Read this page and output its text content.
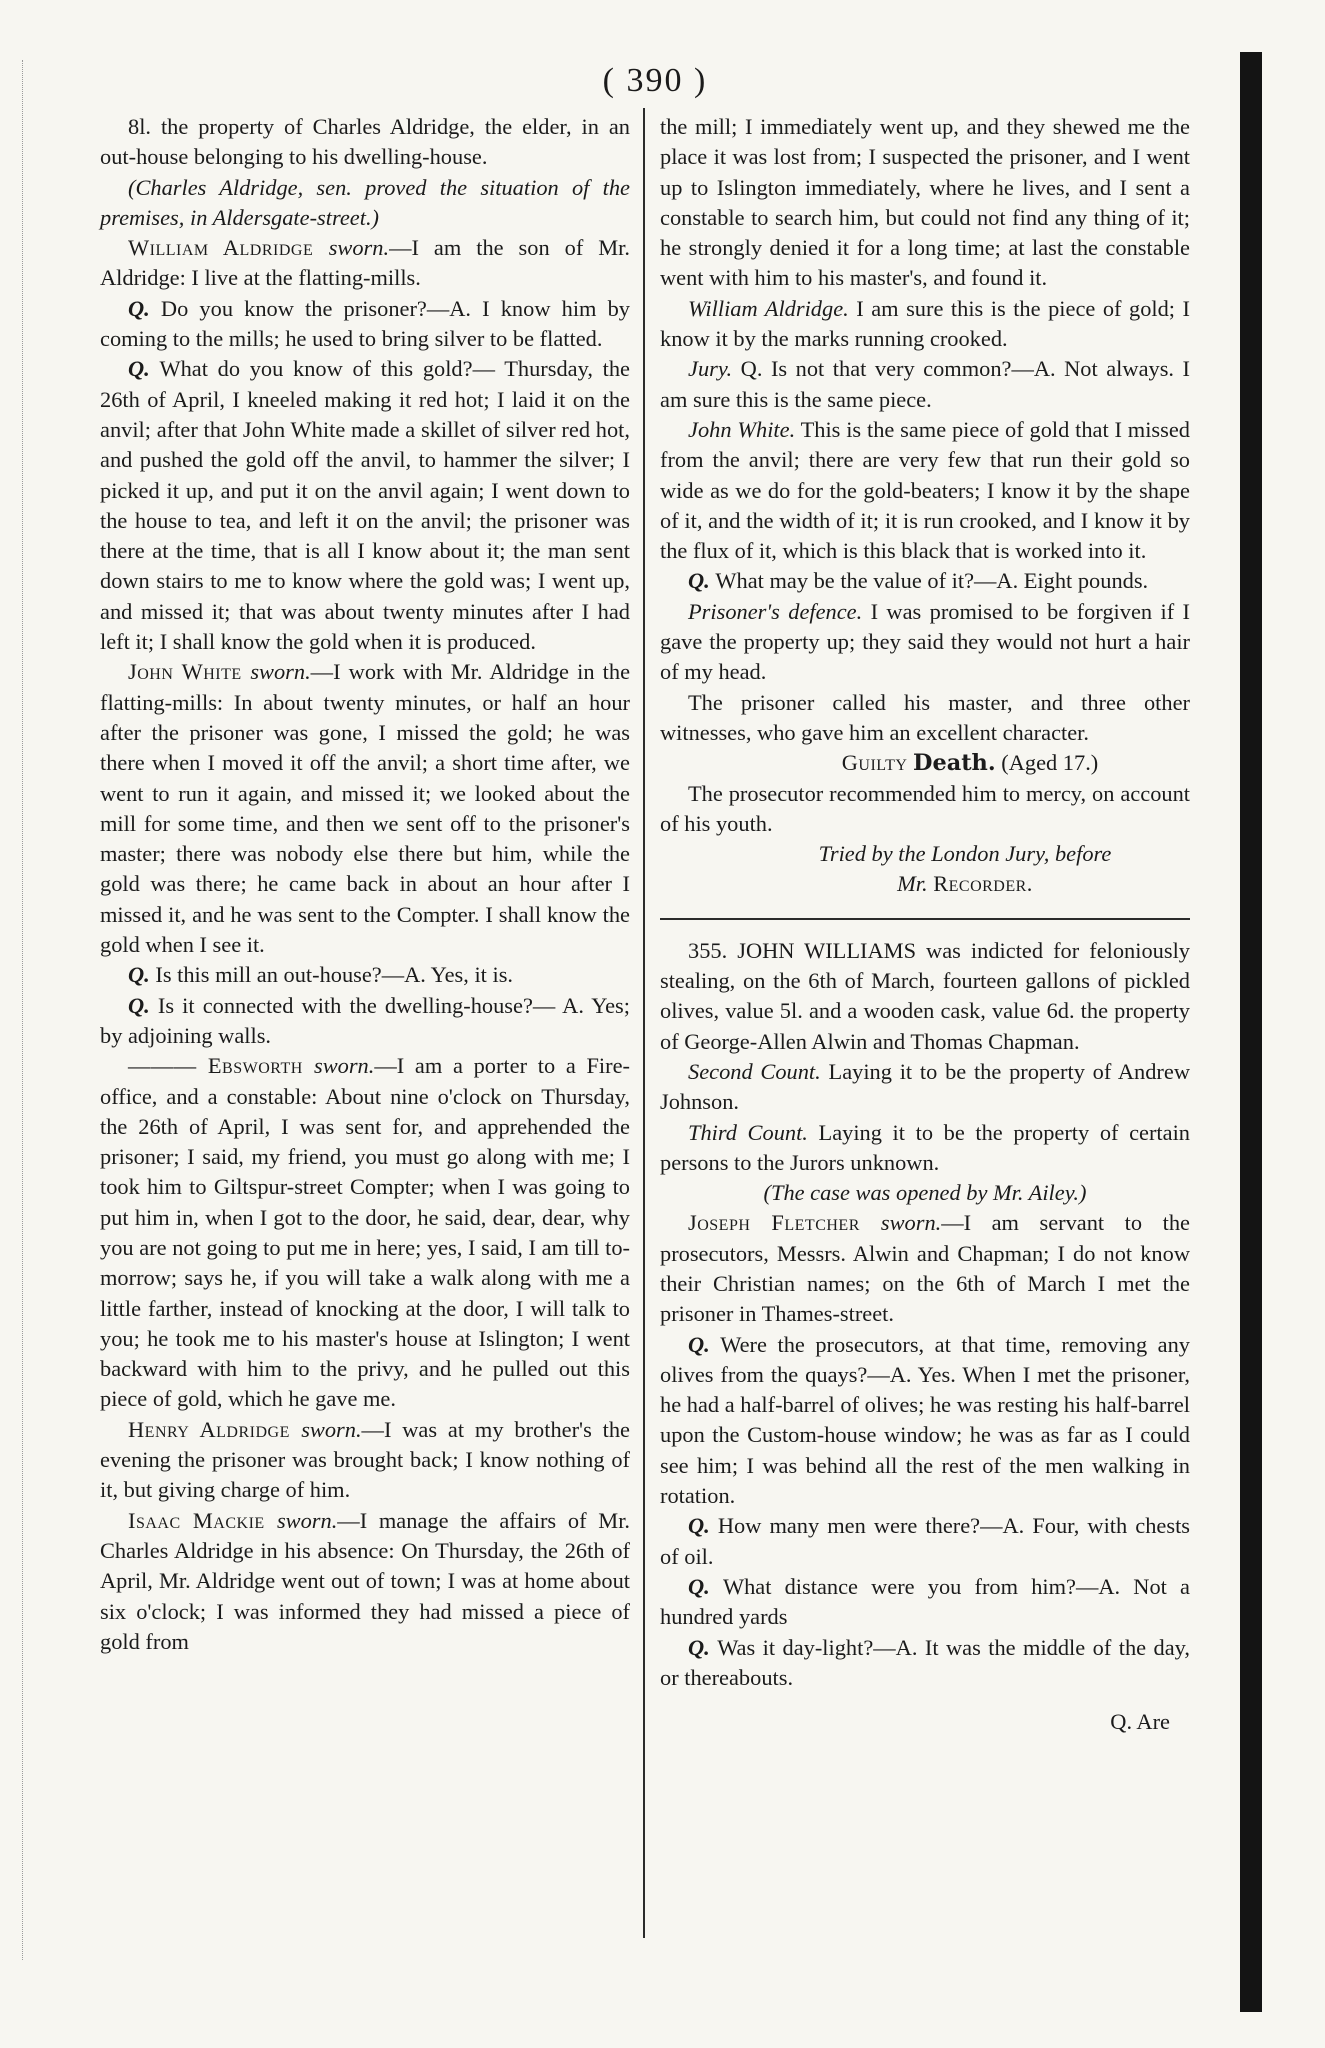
( 390 )

8l. the property of Charles Aldridge, the elder, in an out-house belonging to his dwelling-house.

(Charles Aldridge, sen. proved the situation of the premises, in Aldersgate-street.)

William Aldridge sworn.—I am the son of Mr. Aldridge: I live at the flatting-mills.

Q. Do you know the prisoner?—A. I know him by coming to the mills; he used to bring silver to be flatted.

Q. What do you know of this gold?— Thursday, the 26th of April, I kneeled making it red hot; I laid it on the anvil; after that John White made a skillet of silver red hot, and pushed the gold off the anvil, to hammer the silver; I picked it up, and put it on the anvil again; I went down to the house to tea, and left it on the anvil; the prisoner was there at the time, that is all I know about it; the man sent down stairs to me to know where the gold was; I went up, and missed it; that was about twenty minutes after I had left it; I shall know the gold when it is produced.

John White sworn.—I work with Mr. Aldridge in the flatting-mills: In about twenty minutes, or half an hour after the prisoner was gone, I missed the gold; he was there when I moved it off the anvil; a short time after, we went to run it again, and missed it; we looked about the mill for some time, and then we sent off to the prisoner's master; there was nobody else there but him, while the gold was there; he came back in about an hour after I missed it, and he was sent to the Compter. I shall know the gold when I see it.

Q. Is this mill an out-house?—A. Yes, it is.

Q. Is it connected with the dwelling-house?— A. Yes; by adjoining walls.

——— Ebsworth sworn.—I am a porter to a Fire-office, and a constable: About nine o'clock on Thursday, the 26th of April, I was sent for, and apprehended the prisoner; I said, my friend, you must go along with me; I took him to Giltspur-street Compter; when I was going to put him in, when I got to the door, he said, dear, dear, why you are not going to put me in here; yes, I said, I am till to-morrow; says he, if you will take a walk along with me a little farther, instead of knocking at the door, I will talk to you; he took me to his master's house at Islington; I went backward with him to the privy, and he pulled out this piece of gold, which he gave me.

Henry Aldridge sworn.—I was at my brother's the evening the prisoner was brought back; I know nothing of it, but giving charge of him.

Isaac Mackie sworn.—I manage the affairs of Mr. Charles Aldridge in his absence: On Thursday, the 26th of April, Mr. Aldridge went out of town; I was at home about six o'clock; I was informed they had missed a piece of gold from

the mill; I immediately went up, and they shewed me the place it was lost from; I suspected the prisoner, and I went up to Islington immediately, where he lives, and I sent a constable to search him, but could not find any thing of it; he strongly denied it for a long time; at last the constable went with him to his master's, and found it.

William Aldridge. I am sure this is the piece of gold; I know it by the marks running crooked.

Jury. Q. Is not that very common?—A. Not always. I am sure this is the same piece.

John White. This is the same piece of gold that I missed from the anvil; there are very few that run their gold so wide as we do for the gold-beaters; I know it by the shape of it, and the width of it; it is run crooked, and I know it by the flux of it, which is this black that is worked into it.

Q. What may be the value of it?—A. Eight pounds.

Prisoner's defence. I was promised to be forgiven if I gave the property up; they said they would not hurt a hair of my head.

The prisoner called his master, and three other witnesses, who gave him an excellent character.

Guilty Death. (Aged 17.)

The prosecutor recommended him to mercy, on account of his youth.

Tried by the London Jury, before

Mr. Recorder.

355. JOHN WILLIAMS was indicted for feloniously stealing, on the 6th of March, fourteen gallons of pickled olives, value 5l. and a wooden cask, value 6d. the property of George-Allen Alwin and Thomas Chapman.

Second Count. Laying it to be the property of Andrew Johnson.

Third Count. Laying it to be the property of certain persons to the Jurors unknown.

(The case was opened by Mr. Ailey.)

Joseph Fletcher sworn.—I am servant to the prosecutors, Messrs. Alwin and Chapman; I do not know their Christian names; on the 6th of March I met the prisoner in Thames-street.

Q. Were the prosecutors, at that time, removing any olives from the quays?—A. Yes. When I met the prisoner, he had a half-barrel of olives; he was resting his half-barrel upon the Custom-house window; he was as far as I could see him; I was behind all the rest of the men walking in rotation.

Q. How many men were there?—A. Four, with chests of oil.

Q. What distance were you from him?—A. Not a hundred yards

Q. Was it day-light?—A. It was the middle of the day, or thereabouts.

Q. Are
